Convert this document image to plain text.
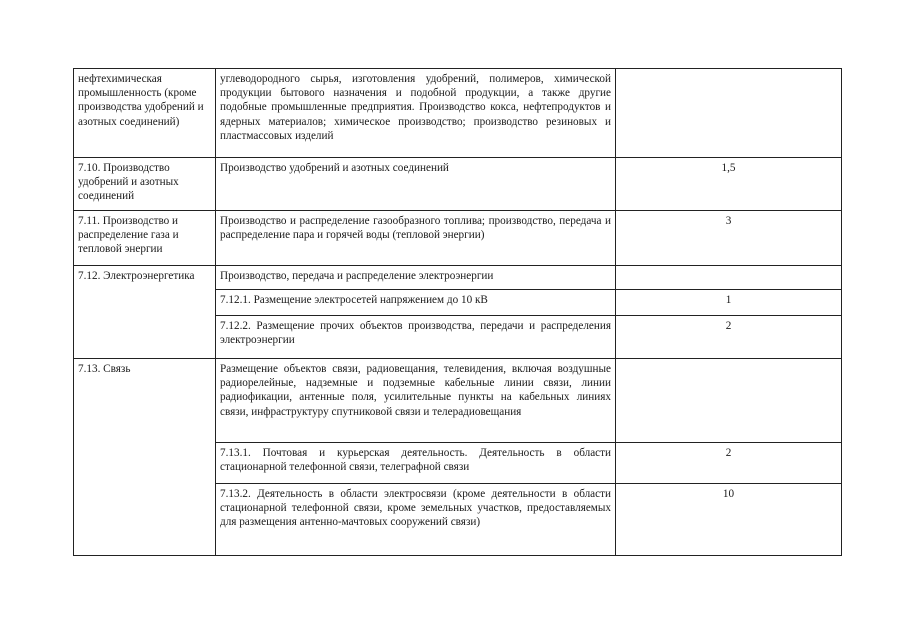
нефтехимическая промышленность (кроме производства удобрений и азотных соединений)	углеводородного сырья, изготовления удобрений, полимеров, химической продукции бытового назначения и подобной продукции, а также другие подобные промышленные предприятия. Производство кокса, нефтепродуктов и ядерных материалов; химическое производство; производство резиновых и пластмассовых изделий	
7.10. Производство удобрений и азотных соединений	Производство удобрений и азотных соединений	1,5
7.11. Производство и распределение газа и тепловой энергии	Производство и распределение газообразного топлива; производство, передача и распределение пара и горячей воды (тепловой энергии)	3
7.12. Электроэнергетика	Производство, передача и распределение электроэнергии	
	7.12.1. Размещение электросетей напряжением до 10 кВ	1
	7.12.2. Размещение прочих объектов производства, передачи и распределения электроэнергии	2
7.13. Связь	Размещение объектов связи, радиовещания, телевидения, включая воздушные радиорелейные, надземные и подземные кабельные линии связи, линии радиофикации, антенные поля, усилительные пункты на кабельных линиях связи, инфраструктуру спутниковой связи и телерадиовещания	
	7.13.1. Почтовая и курьерская деятельность. Деятельность в области стационарной телефонной связи, телеграфной связи	2
	7.13.2. Деятельность в области электросвязи (кроме деятельности в области стационарной телефонной связи, кроме земельных участков, предоставляемых для размещения антенно-мачтовых сооружений связи)	10
